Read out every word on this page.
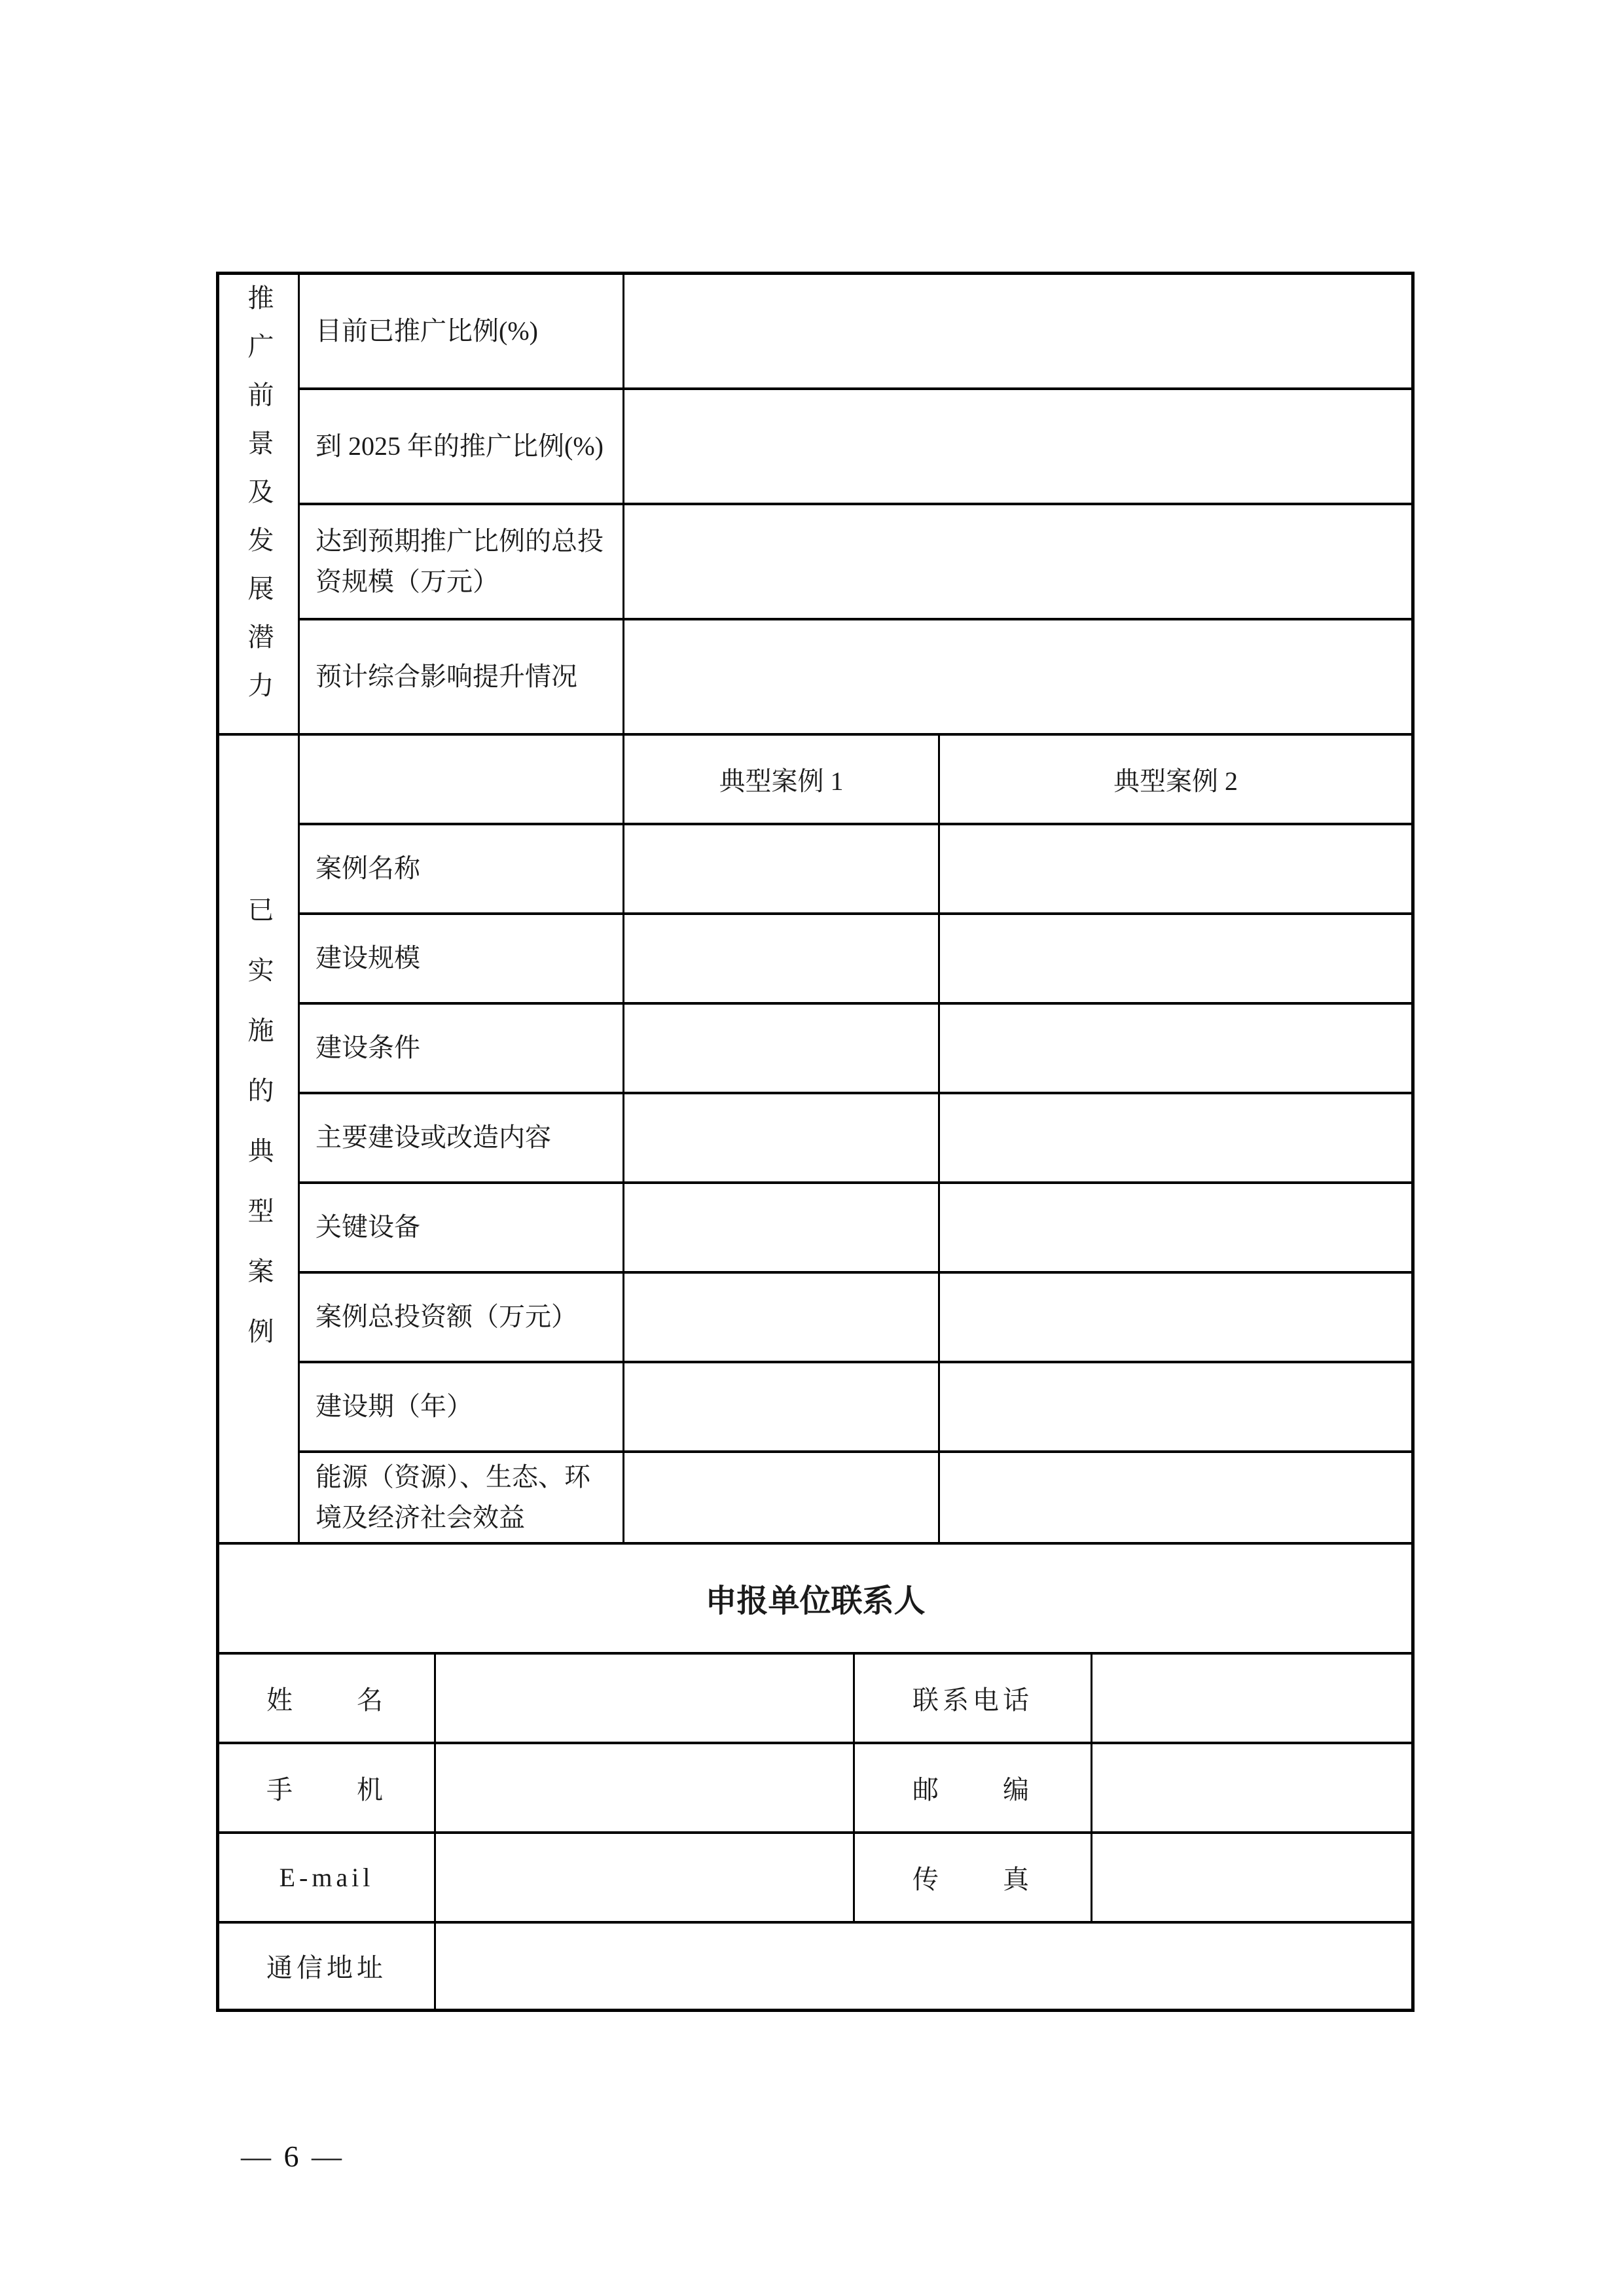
推广前景及发展潜力	目前已推广比例(%)					
	到 2025 年的推广比例(%)					
	达到预期推广比例的总投资规模（万元）					
	预计综合影响提升情况					
已实施的典型案例			典型案例 1		典型案例 2	
	案例名称					
	建设规模					
	建设条件					
	主要建设或改造内容					
	关键设备					
	案例总投资额（万元）					
	建设期（年）					
	能源（资源）、生态、环境及经济社会效益					
申报单位联系人						
姓　　名				联系电话		
手　　机				邮　　编		
E-mail				传　　真		
通信地址						
— 6 —
